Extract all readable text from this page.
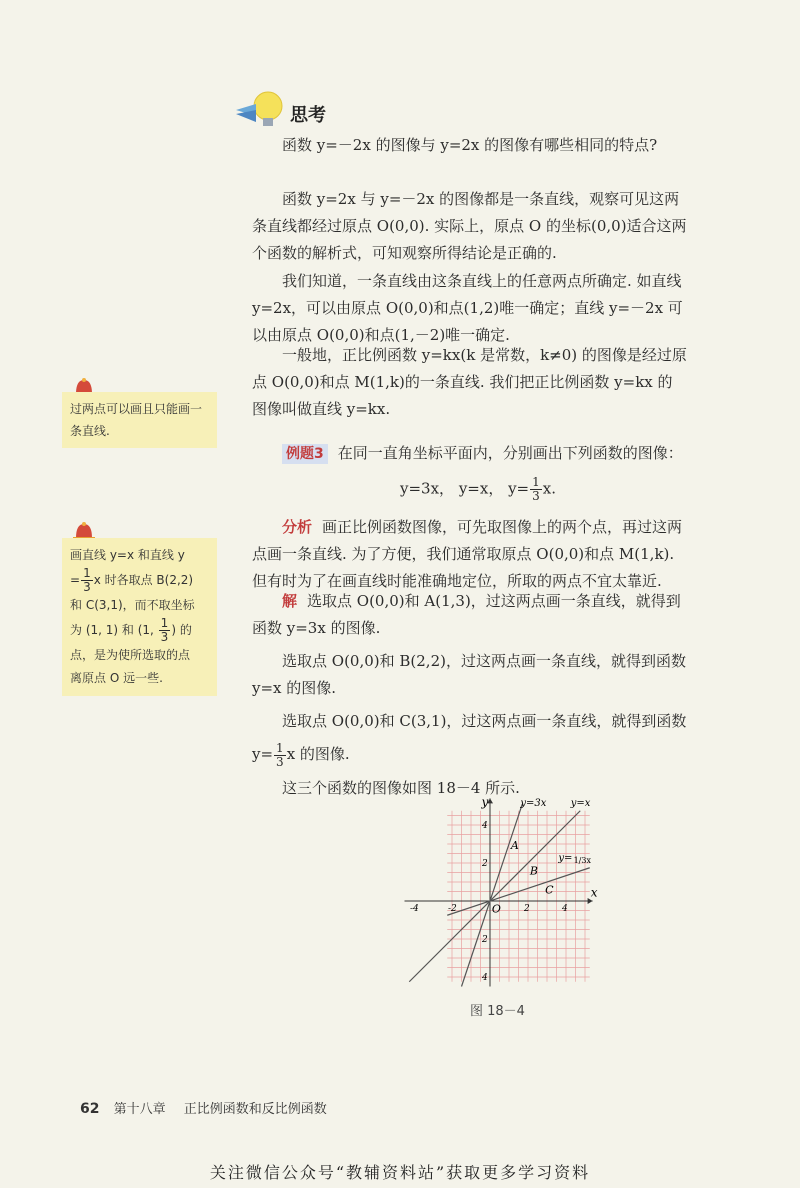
思考

函数 y=－2x 的图像与 y=2x 的图像有哪些相同的特点?

函数 y=2x 与 y=－2x 的图像都是一条直线，观察可见这两

条直线都经过原点 O(0,0). 实际上，原点 O 的坐标(0,0)适合这两

个函数的解析式，可知观察所得结论是正确的.

我们知道，一条直线由这条直线上的任意两点所确定. 如直线

y=2x，可以由原点 O(0,0)和点(1,2)唯一确定；直线 y=－2x 可

以由原点 O(0,0)和点(1,－2)唯一确定.

一般地，正比例函数 y=kx(k 是常数，k≠0) 的图像是经过原

点 O(0,0)和点 M(1,k)的一条直线. 我们把正比例函数 y=kx 的

图像叫做直线 y=kx.

过两点可以画且只能画一条直线.
画直线 y=x 和直线 y
= $\frac{1}{3}$ x 时各取点 B(2,2)
和 C(3,1)，而不取坐标
为 (1, 1) 和 (1, $\frac{1}{3}$ ) 的
点，是为使所选取的点
离原点 O 远一些.

例题3 在同一直角坐标平面内，分别画出下列函数的图像：

y=3x， y=x， $y= \frac{1}{3} x$.

分析 画正比例函数图像，可先取图像上的两个点，再过这两

点画一条直线. 为了方便，我们通常取原点 O(0,0)和点 M(1,k).

但有时为了在画直线时能准确地定位，所取的两点不宜太靠近.

解 选取点 O(0,0)和 A(1,3)，过这两点画一条直线，就得到

函数 y=3x 的图像.

选取点 O(0,0)和 B(2,2)，过这两点画一条直线，就得到函数

y=x 的图像.

选取点 O(0,0)和 C(3,1)，过这两点画一条直线，就得到函数

$y= \frac{1}{3}$ x 的图像.

这三个函数的图像如图 18－4 所示.

y
x
O
y=3x y=x
y= 1/3x
A
B
C
-4	-2	2	4
4
2
2
4
图 18－4
62 第十八章 正比例函数和反比例函数
关注微信公众号“教辅资料站”获取更多学习资料
